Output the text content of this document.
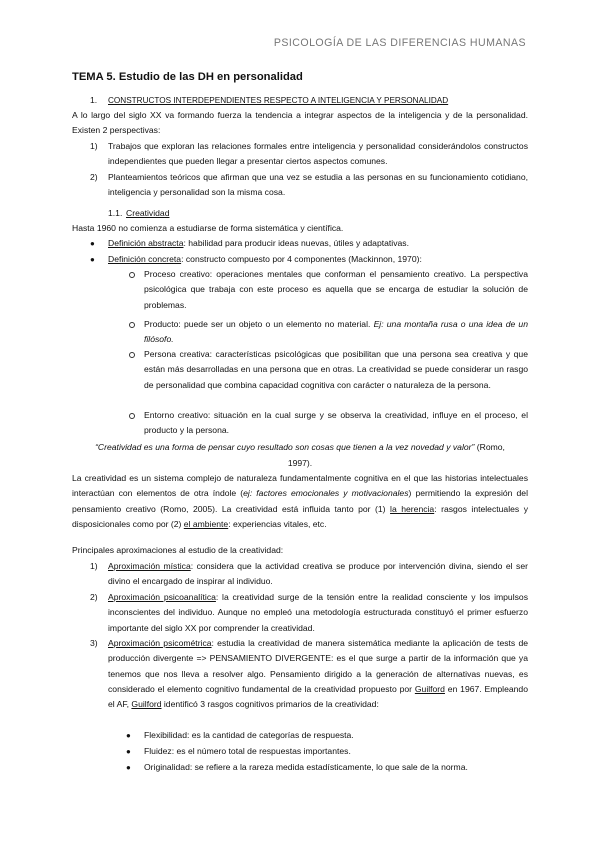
PSICOLOGÍA DE LAS DIFERENCIAS HUMANAS
TEMA 5. Estudio de las DH en personalidad
1. CONSTRUCTOS INTERDEPENDIENTES RESPECTO A INTELIGENCIA Y PERSONALIDAD
A lo largo del siglo XX va formando fuerza la tendencia a integrar aspectos de la inteligencia y de la personalidad. Existen 2 perspectivas:
1) Trabajos que exploran las relaciones formales entre inteligencia y personalidad considerándolos constructos independientes que pueden llegar a presentar ciertos aspectos comunes.
2) Planteamientos teóricos que afirman que una vez se estudia a las personas en su funcionamiento cotidiano, inteligencia y personalidad son la misma cosa.
1.1. Creatividad
Hasta 1960 no comienza a estudiarse de forma sistemática y científica.
● Definición abstracta: habilidad para producir ideas nuevas, útiles y adaptativas.
● Definición concreta: constructo compuesto por 4 componentes (Mackinnon, 1970):
Proceso creativo: operaciones mentales que conforman el pensamiento creativo. La perspectiva psicológica que trabaja con este proceso es aquella que se encarga de estudiar la solución de problemas.
Producto: puede ser un objeto o un elemento no material. Ej: una montaña rusa o una idea de un filósofo.
Persona creativa: características psicológicas que posibilitan que una persona sea creativa y que están más desarrolladas en una persona que en otras. La creatividad se puede considerar un rasgo de personalidad que combina capacidad cognitiva con carácter o naturaleza de la persona.
Entorno creativo: situación en la cual surge y se observa la creatividad, influye en el proceso, el producto y la persona.
“Creatividad es una forma de pensar cuyo resultado son cosas que tienen a la vez novedad y valor” (Romo,
1997).
La creatividad es un sistema complejo de naturaleza fundamentalmente cognitiva en el que las historias intelectuales interactúan con elementos de otra índole (ej: factores emocionales y motivacionales) permitiendo la expresión del pensamiento creativo (Romo, 2005). La creatividad está influida tanto por (1) la herencia: rasgos intelectuales y disposicionales como por (2) el ambiente: experiencias vitales, etc.
Principales aproximaciones al estudio de la creatividad:
1) Aproximación mística: considera que la actividad creativa se produce por intervención divina, siendo el ser divino el encargado de inspirar al individuo.
2) Aproximación psicoanalítica: la creatividad surge de la tensión entre la realidad consciente y los impulsos inconscientes del individuo. Aunque no empleó una metodología estructurada constituyó el primer esfuerzo importante del siglo XX por comprender la creatividad.
3) Aproximación psicométrica: estudia la creatividad de manera sistemática mediante la aplicación de tests de producción divergente => PENSAMIENTO DIVERGENTE: es el que surge a partir de la información que ya tenemos que nos lleva a resolver algo. Pensamiento dirigido a la generación de alternativas nuevas, es considerado el elemento cognitivo fundamental de la creatividad propuesto por Guilford en 1967. Empleando el AF, Guilford identificó 3 rasgos cognitivos primarios de la creatividad:
● Flexibilidad: es la cantidad de categorías de respuesta.
● Fluidez: es el número total de respuestas importantes.
● Originalidad: se refiere a la rareza medida estadísticamente, lo que sale de la norma.
